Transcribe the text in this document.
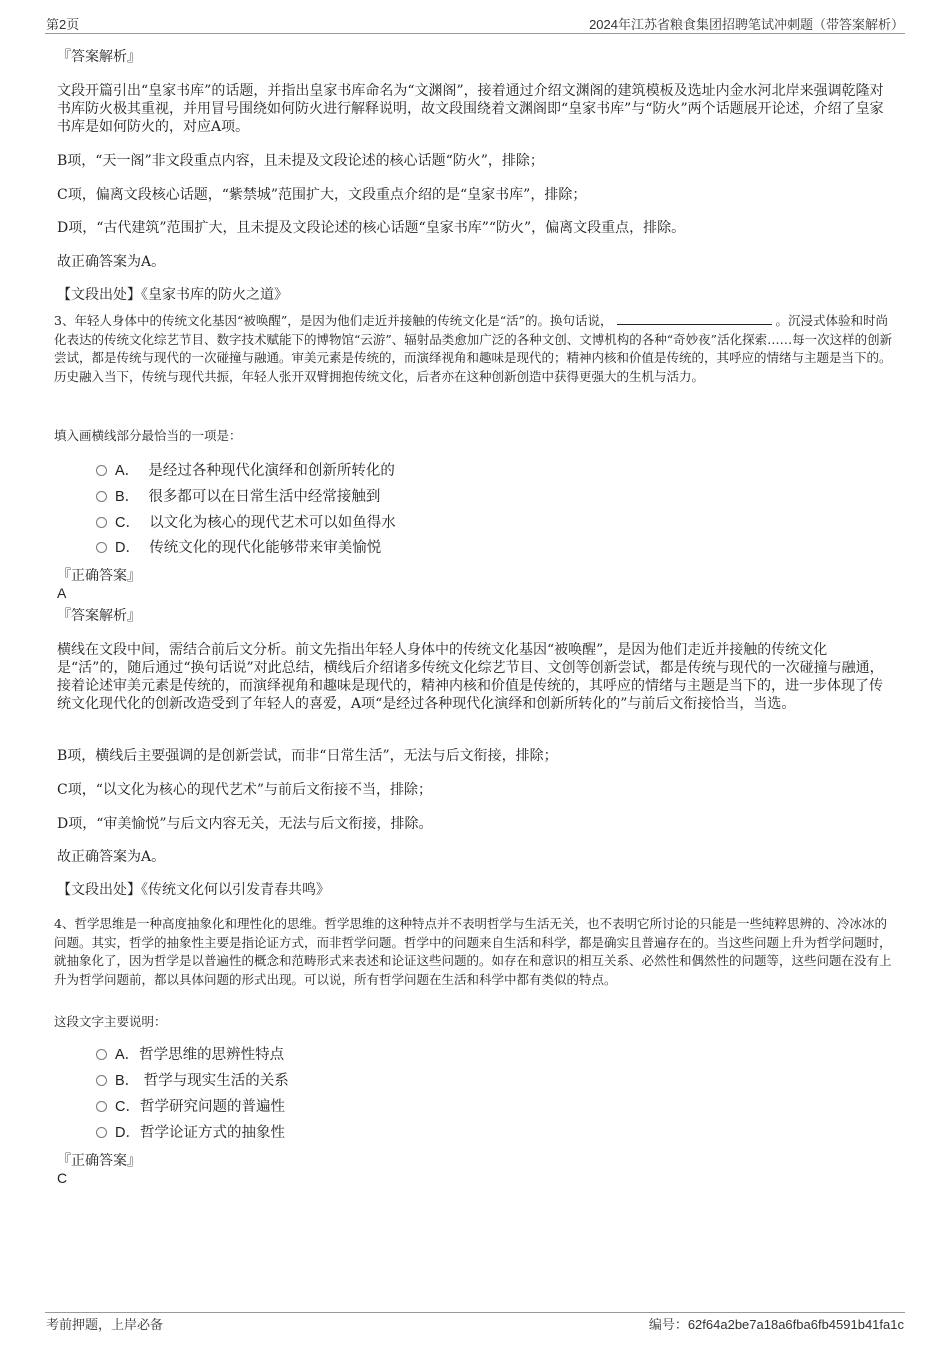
第2页	2024年江苏省粮食集团招聘笔试冲刺题（带答案解析）
『答案解析』
文段开篇引出“皇家书库”的话题，并指出皇家书库命名为“文渊阁”，接着通过介绍文渊阁的建筑模板及选址内金水河北岸来强调乾隆对书库防火极其重视，并用冒号围绕如何防火进行解释说明，故文段围绕着文渊阁即“皇家书库”与“防火”两个话题展开论述，介绍了皇家书库是如何防火的，对应A项。
B项，“天一阁”非文段重点内容，且未提及文段论述的核心话题“防火”，排除；
C项，偏离文段核心话题，“紫禁城”范围扩大，文段重点介绍的是“皇家书库”，排除；
D项，“古代建筑”范围扩大，且未提及文段论述的核心话题“皇家书库”“防火”，偏离文段重点，排除。
故正确答案为A。
【文段出处】《皇家书库的防火之道》
3、年轻人身体中的传统文化基因“被唤醒”，是因为他们走近并接触的传统文化是“活”的。换句话说，	。沉浸式体验和时尚化表达的传统文化综艺节目、数字技术赋能下的博物馆“云游”、辐射品类愈加广泛的各种文创、文博机构的各种“奇妙夜”活化探索……每一次这样的创新尝试，都是传统与现代的一次碰撞与融通。审美元素是传统的，而演绎视角和趣味是现代的；精神内核和价值是传统的，其呼应的情绪与主题是当下的。历史融入当下，传统与现代共振，年轻人张开双臂拥抱传统文化，后者亦在这种创新创造中获得更强大的生机与活力。
填入画横线部分最恰当的一项是：
A． 是经过各种现代化演绎和创新所转化的
B． 很多都可以在日常生活中经常接触到
C． 以文化为核心的现代艺术可以如鱼得水
D． 传统文化的现代化能够带来审美愉悦
『正确答案』
A
『答案解析』
横线在文段中间，需结合前后文分析。前文先指出年轻人身体中的传统文化基因“被唤醒”，是因为他们走近并接触的传统文化是“活”的，随后通过“换句话说”对此总结，横线后介绍诸多传统文化综艺节目、文创等创新尝试，都是传统与现代的一次碰撞与融通，接着论述审美元素是传统的，而演绎视角和趣味是现代的，精神内核和价值是传统的，其呼应的情绪与主题是当下的，进一步体现了传统文化现代化的创新改造受到了年轻人的喜爱，A项“是经过各种现代化演绎和创新所转化的”与前后文衔接恰当，当选。
B项，横线后主要强调的是创新尝试，而非“日常生活”，无法与后文衔接，排除；
C项，“以文化为核心的现代艺术”与前后文衔接不当，排除；
D项，“审美愉悦”与后文内容无关，无法与后文衔接，排除。
故正确答案为A。
【文段出处】《传统文化何以引发青春共鸣》
4、哲学思维是一种高度抽象化和理性化的思维。哲学思维的这种特点并不表明哲学与生活无关，也不表明它所讨论的只能是一些纯粹思辨的、冷冰冰的问题。其实，哲学的抽象性主要是指论证方式，而非哲学问题。哲学中的问题来自生活和科学，都是确实且普遍存在的。当这些问题上升为哲学问题时，就抽象化了，因为哲学是以普遍性的概念和范畴形式来表述和论证这些问题的。如存在和意识的相互关系、必然性和偶然性的问题等，这些问题在没有上升为哲学问题前，都以具体问题的形式出现。可以说，所有哲学问题在生活和科学中都有类似的特点。
这段文字主要说明：
A．哲学思维的思辨性特点
B． 哲学与现实生活的关系
C．哲学研究问题的普遍性
D．哲学论证方式的抽象性
『正确答案』
C
考前押题，上岸必备	编号：62f64a2be7a18a6fba6fb4591b41fa1c
